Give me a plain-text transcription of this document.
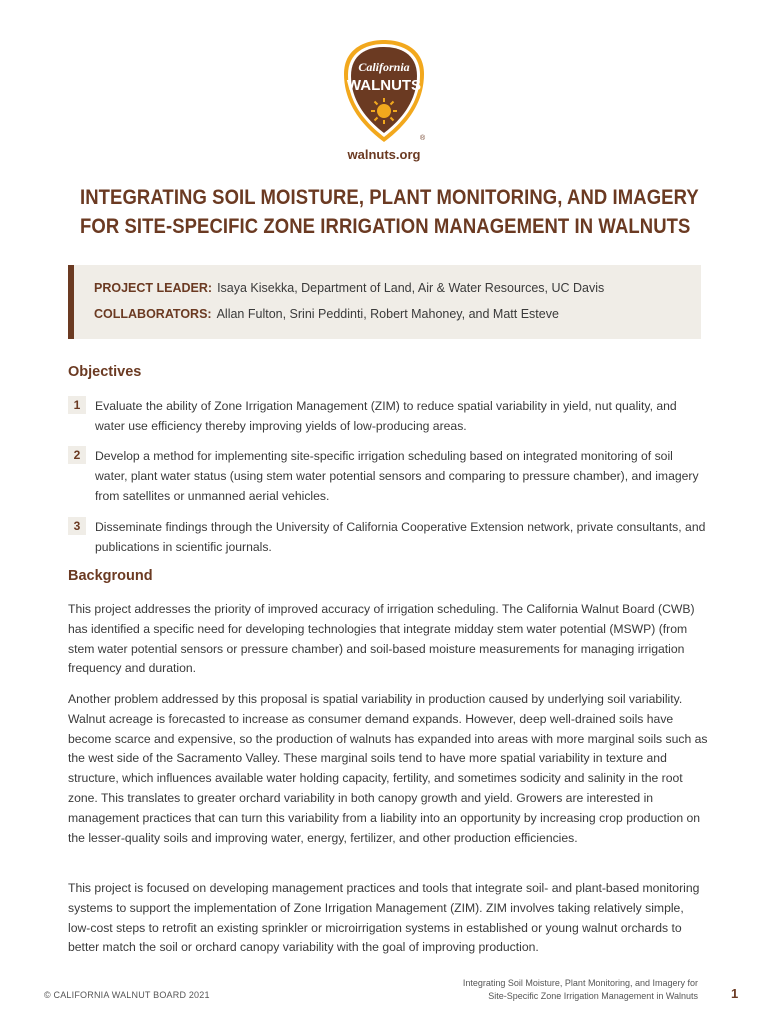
California
WALNUTS
®
walnuts.org
INTEGRATING SOIL MOISTURE, PLANT MONITORING, AND IMAGERY
FOR SITE-SPECIFIC ZONE IRRIGATION MANAGEMENT IN WALNUTS
PROJECT LEADER: Isaya Kisekka, Department of Land, Air & Water Resources, UC Davis
COLLABORATORS: Allan Fulton, Srini Peddinti, Robert Mahoney, and Matt Esteve
Objectives
1	Evaluate the ability of Zone Irrigation Management (ZIM) to reduce spatial variability in yield, nut quality, and water use efficiency thereby improving yields of low-producing areas.
2	Develop a method for implementing site-specific irrigation scheduling based on integrated monitoring of soil water, plant water status (using stem water potential sensors and comparing to pressure chamber), and imagery from satellites or unmanned aerial vehicles.
3	Disseminate findings through the University of California Cooperative Extension network, private consultants, and publications in scientific journals.
Background
This project addresses the priority of improved accuracy of irrigation scheduling. The California Walnut Board (CWB) has identified a specific need for developing technologies that integrate midday stem water potential (MSWP) (from stem water potential sensors or pressure chamber) and soil-based moisture measurements for managing irrigation frequency and duration.
Another problem addressed by this proposal is spatial variability in production caused by underlying soil variability. Walnut acreage is forecasted to increase as consumer demand expands. However, deep well-drained soils have become scarce and expensive, so the production of walnuts has expanded into areas with more marginal soils such as the west side of the Sacramento Valley. These marginal soils tend to have more spatial variability in texture and structure, which influences available water holding capacity, fertility, and sometimes sodicity and salinity in the root zone. This translates to greater orchard variability in both canopy growth and yield. Growers are interested in management practices that can turn this variability from a liability into an opportunity by increasing crop production on the lesser-quality soils and improving water, energy, fertilizer, and other production efficiencies.
This project is focused on developing management practices and tools that integrate soil- and plant-based monitoring systems to support the implementation of Zone Irrigation Management (ZIM). ZIM involves taking relatively simple, low-cost steps to retrofit an existing sprinkler or microirrigation systems in established or young walnut orchards to better match the soil or orchard canopy variability with the goal of improving production.
© CALIFORNIA WALNUT BOARD 2021
Integrating Soil Moisture, Plant Monitoring, and Imagery for
Site-Specific Zone Irrigation Management in Walnuts	1
